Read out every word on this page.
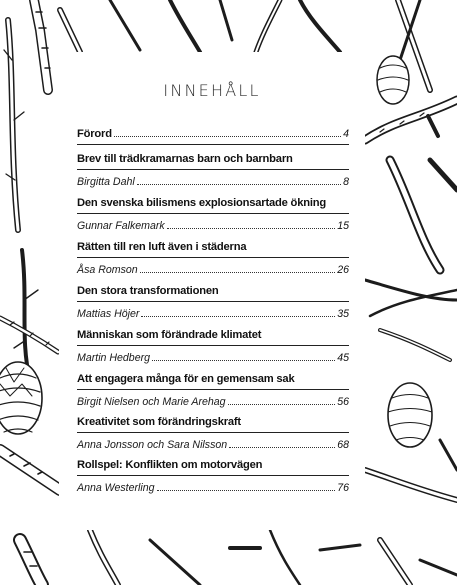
INNEHÅLL
Förord	4
Brev till trädkramarnas barn och barnbarn
Birgitta Dahl	8
Den svenska bilismens explosionsartade ökning
Gunnar Falkemark	15
Rätten till ren luft även i städerna
Åsa Romson	26
Den stora transformationen
Mattias Höjer	35
Människan som förändrade klimatet
Martin Hedberg	45
Att engagera många för en gemensam sak
Birgit Nielsen och Marie Arehag	56
Kreativitet som förändringskraft
Anna Jonsson och Sara Nilsson	68
Rollspel: Konflikten om motorvägen
Anna Westerling	76
